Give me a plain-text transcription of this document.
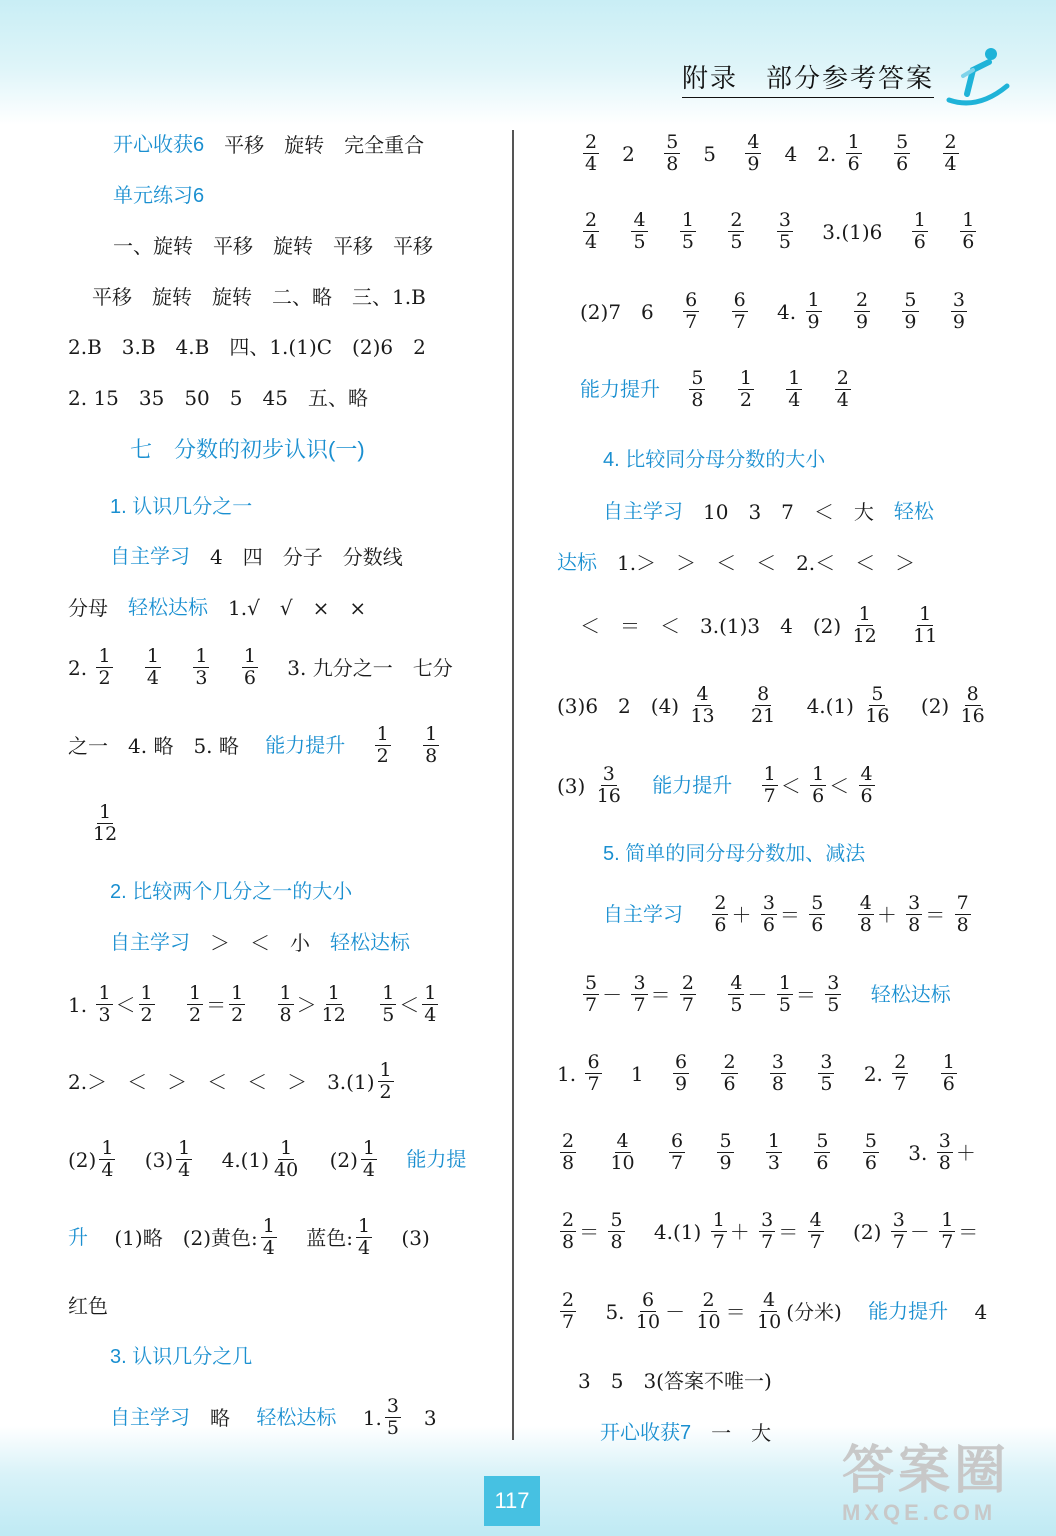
附录　部分参考答案
开心收获6 平移　旋转　完全重合
单元练习6
一、旋转　平移　旋转　平移　平移
平移　旋转　旋转　二、略　三、1.B
2.B　3.B　4.B　四、1.(1)C　(2)6　2
2. 15　35　50　5　45　五、略
七　分数的初步认识(一)
1. 认识几分之一
自主学习 4　四　分子　分数线
分母 轻松达标 1.√　√　×　×
2. $\frac{1}{2}$
$\frac{1}{4}$
$\frac{1}{3}$
$\frac{1}{6} 3$. 九分之一　七分
之一　4. 略　5. 略 能力提升 $\frac{1}{2}$
$\frac{1}{8}$
$\frac{1}{12}$
2. 比较两个几分之一的大小
自主学习 ＞　＜　小 轻松达标
1. $\frac{1}{3} < \frac{1}{2}$
$\frac{1}{2} = \frac{1}{2}$
$\frac{1}{8} > \frac{1}{12}$
$\frac{1}{5} < \frac{1}{4}$
2.＞　＜　＞　＜　＜　＞　$3.(1) \frac{1}{2}$
$(2) \frac{1}{4} (3) \frac{1}{4} 4.(1) \frac{1}{40} (2) \frac{1}{4}$ 能力提
升 (1)略　(2)黄色: $\frac{1}{4}$ 蓝色: $\frac{1}{4} (3)$
红色
3. 认识几分之几
自主学习 略 轻松达标 1. $\frac{3}{5} 3$
$\frac{2}{4} 2 \frac{5}{8} 5 \frac{4}{9} 4$　2. $\frac{1}{6}$
$\frac{5}{6}$
$\frac{2}{4}$
$\frac{2}{4}$
$\frac{4}{5}$
$\frac{1}{5}$
$\frac{2}{5}$
$\frac{3}{5} 3.(1)6 \frac{1}{6}$
$\frac{1}{6}$
(2)7　$6 \frac{6}{7}$
$\frac{6}{7} 4$. $\frac{1}{9}$
$\frac{2}{9}$
$\frac{5}{9}$
$\frac{3}{9}$
能力提升 $\frac{5}{8}$
$\frac{1}{2}$
$\frac{1}{4}$
$\frac{2}{4}$
4. 比较同分母分数的大小
自主学习 10　3　7　＜　大 轻松
达标 1.＞　＞　＜　＜　2.＜　＜　＞
＜　＝　＜　3.(1)3　4　$(2) \frac{1}{12}$
$\frac{1}{11}$
(3)6　2　$(4) \frac{4}{13}$
$\frac{8}{21} 4.(1) \frac{5}{16} (2) \frac{8}{16}$
$(3) \frac{3}{16}$ 能力提升 $\frac{1}{7} < \frac{1}{6} < \frac{4}{6}$
5. 简单的同分母分数加、减法
自主学习 $\frac{2}{6} + \frac{3}{6} = \frac{5}{6}$
$\frac{4}{8} + \frac{3}{8} = \frac{7}{8}$
$\frac{5}{7} - \frac{3}{7} = \frac{2}{7}$
$\frac{4}{5} - \frac{1}{5} = \frac{3}{5}$ 轻松达标
1. $\frac{6}{7} 1 \frac{6}{9}$
$\frac{2}{6}$
$\frac{3}{8}$
$\frac{3}{5} 2$. $\frac{2}{7}$
$\frac{1}{6}$
$\frac{2}{8}$
$\frac{4}{10}$
$\frac{6}{7}$
$\frac{5}{9}$
$\frac{1}{3}$
$\frac{5}{6}$
$\frac{5}{6} 3$. $\frac{3}{8}$ ＋
$\frac{2}{8} = \frac{5}{8} 4.(1) \frac{1}{7} + \frac{3}{7} = \frac{4}{7} (2) \frac{3}{7} - \frac{1}{7}$ ＝
$\frac{2}{7} 5$. $\frac{6}{10} - \frac{2}{10} = \frac{4}{10}$ (分米) 能力提升 4
3　5　3(答案不唯一)
开心收获7 一　大
117
答案圈
MXQE.COM
